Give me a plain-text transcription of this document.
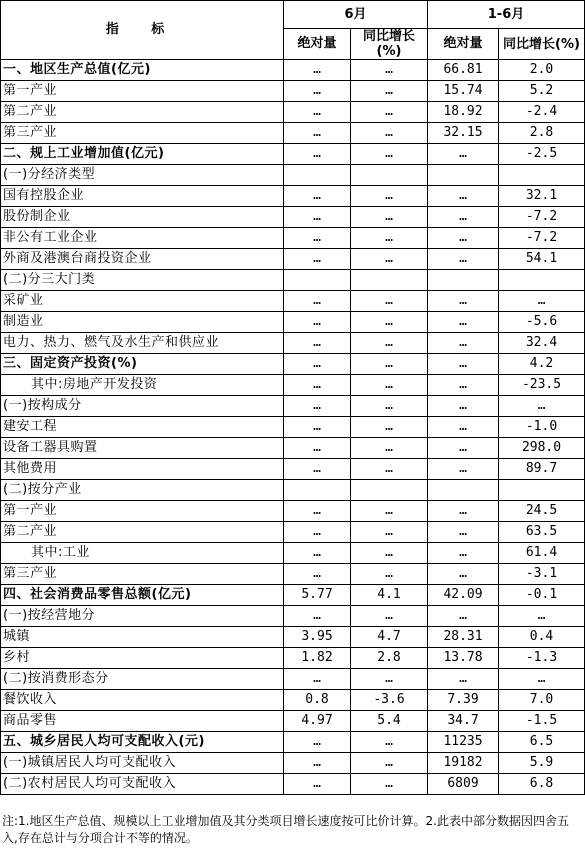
指 标	6月		1-6月	
	绝对量	同比增长(%)	绝对量	同比增长(%)
一、地区生产总值(亿元)	…	…	66.81	2.0
第一产业	…	…	15.74	5.2
第二产业	…	…	18.92	-2.4
第三产业	…	…	32.15	2.8
二、规上工业增加值(亿元)	…	…	…	-2.5
(一)分经济类型				
国有控股企业	…	…	…	32.1
股份制企业	…	…	…	-7.2
非公有工业企业	…	…	…	-7.2
外商及港澳台商投资企业	…	…	…	54.1
(二)分三大门类				
采矿业	…	…	…	…
制造业	…	…	…	-5.6
电力、热力、燃气及水生产和供应业	…	…	…	32.4
三、固定资产投资(%)	…	…	…	4.2
其中:房地产开发投资	…	…	…	-23.5
(一)按构成分	…	…	…	…
建安工程	…	…	…	-1.0
设备工器具购置	…	…	…	298.0
其他费用	…	…	…	89.7
(二)按分产业				
第一产业	…	…	…	24.5
第二产业	…	…	…	63.5
其中:工业	…	…	…	61.4
第三产业	…	…	…	-3.1
四、社会消费品零售总额(亿元)	5.77	4.1	42.09	-0.1
(一)按经营地分	…	…	…	…
城镇	3.95	4.7	28.31	0.4
乡村	1.82	2.8	13.78	-1.3
(二)按消费形态分	…	…	…	…
餐饮收入	0.8	-3.6	7.39	7.0
商品零售	4.97	5.4	34.7	-1.5
五、城乡居民人均可支配收入(元)	…	…	11235	6.5
(一)城镇居民人均可支配收入	…	…	19182	5.9
(二)农村居民人均可支配收入	…	…	6809	6.8
注:1.地区生产总值、规模以上工业增加值及其分类项目增长速度按可比价计算。2.此表中部分数据因四舍五入,存在总计与分项合计不等的情况。
